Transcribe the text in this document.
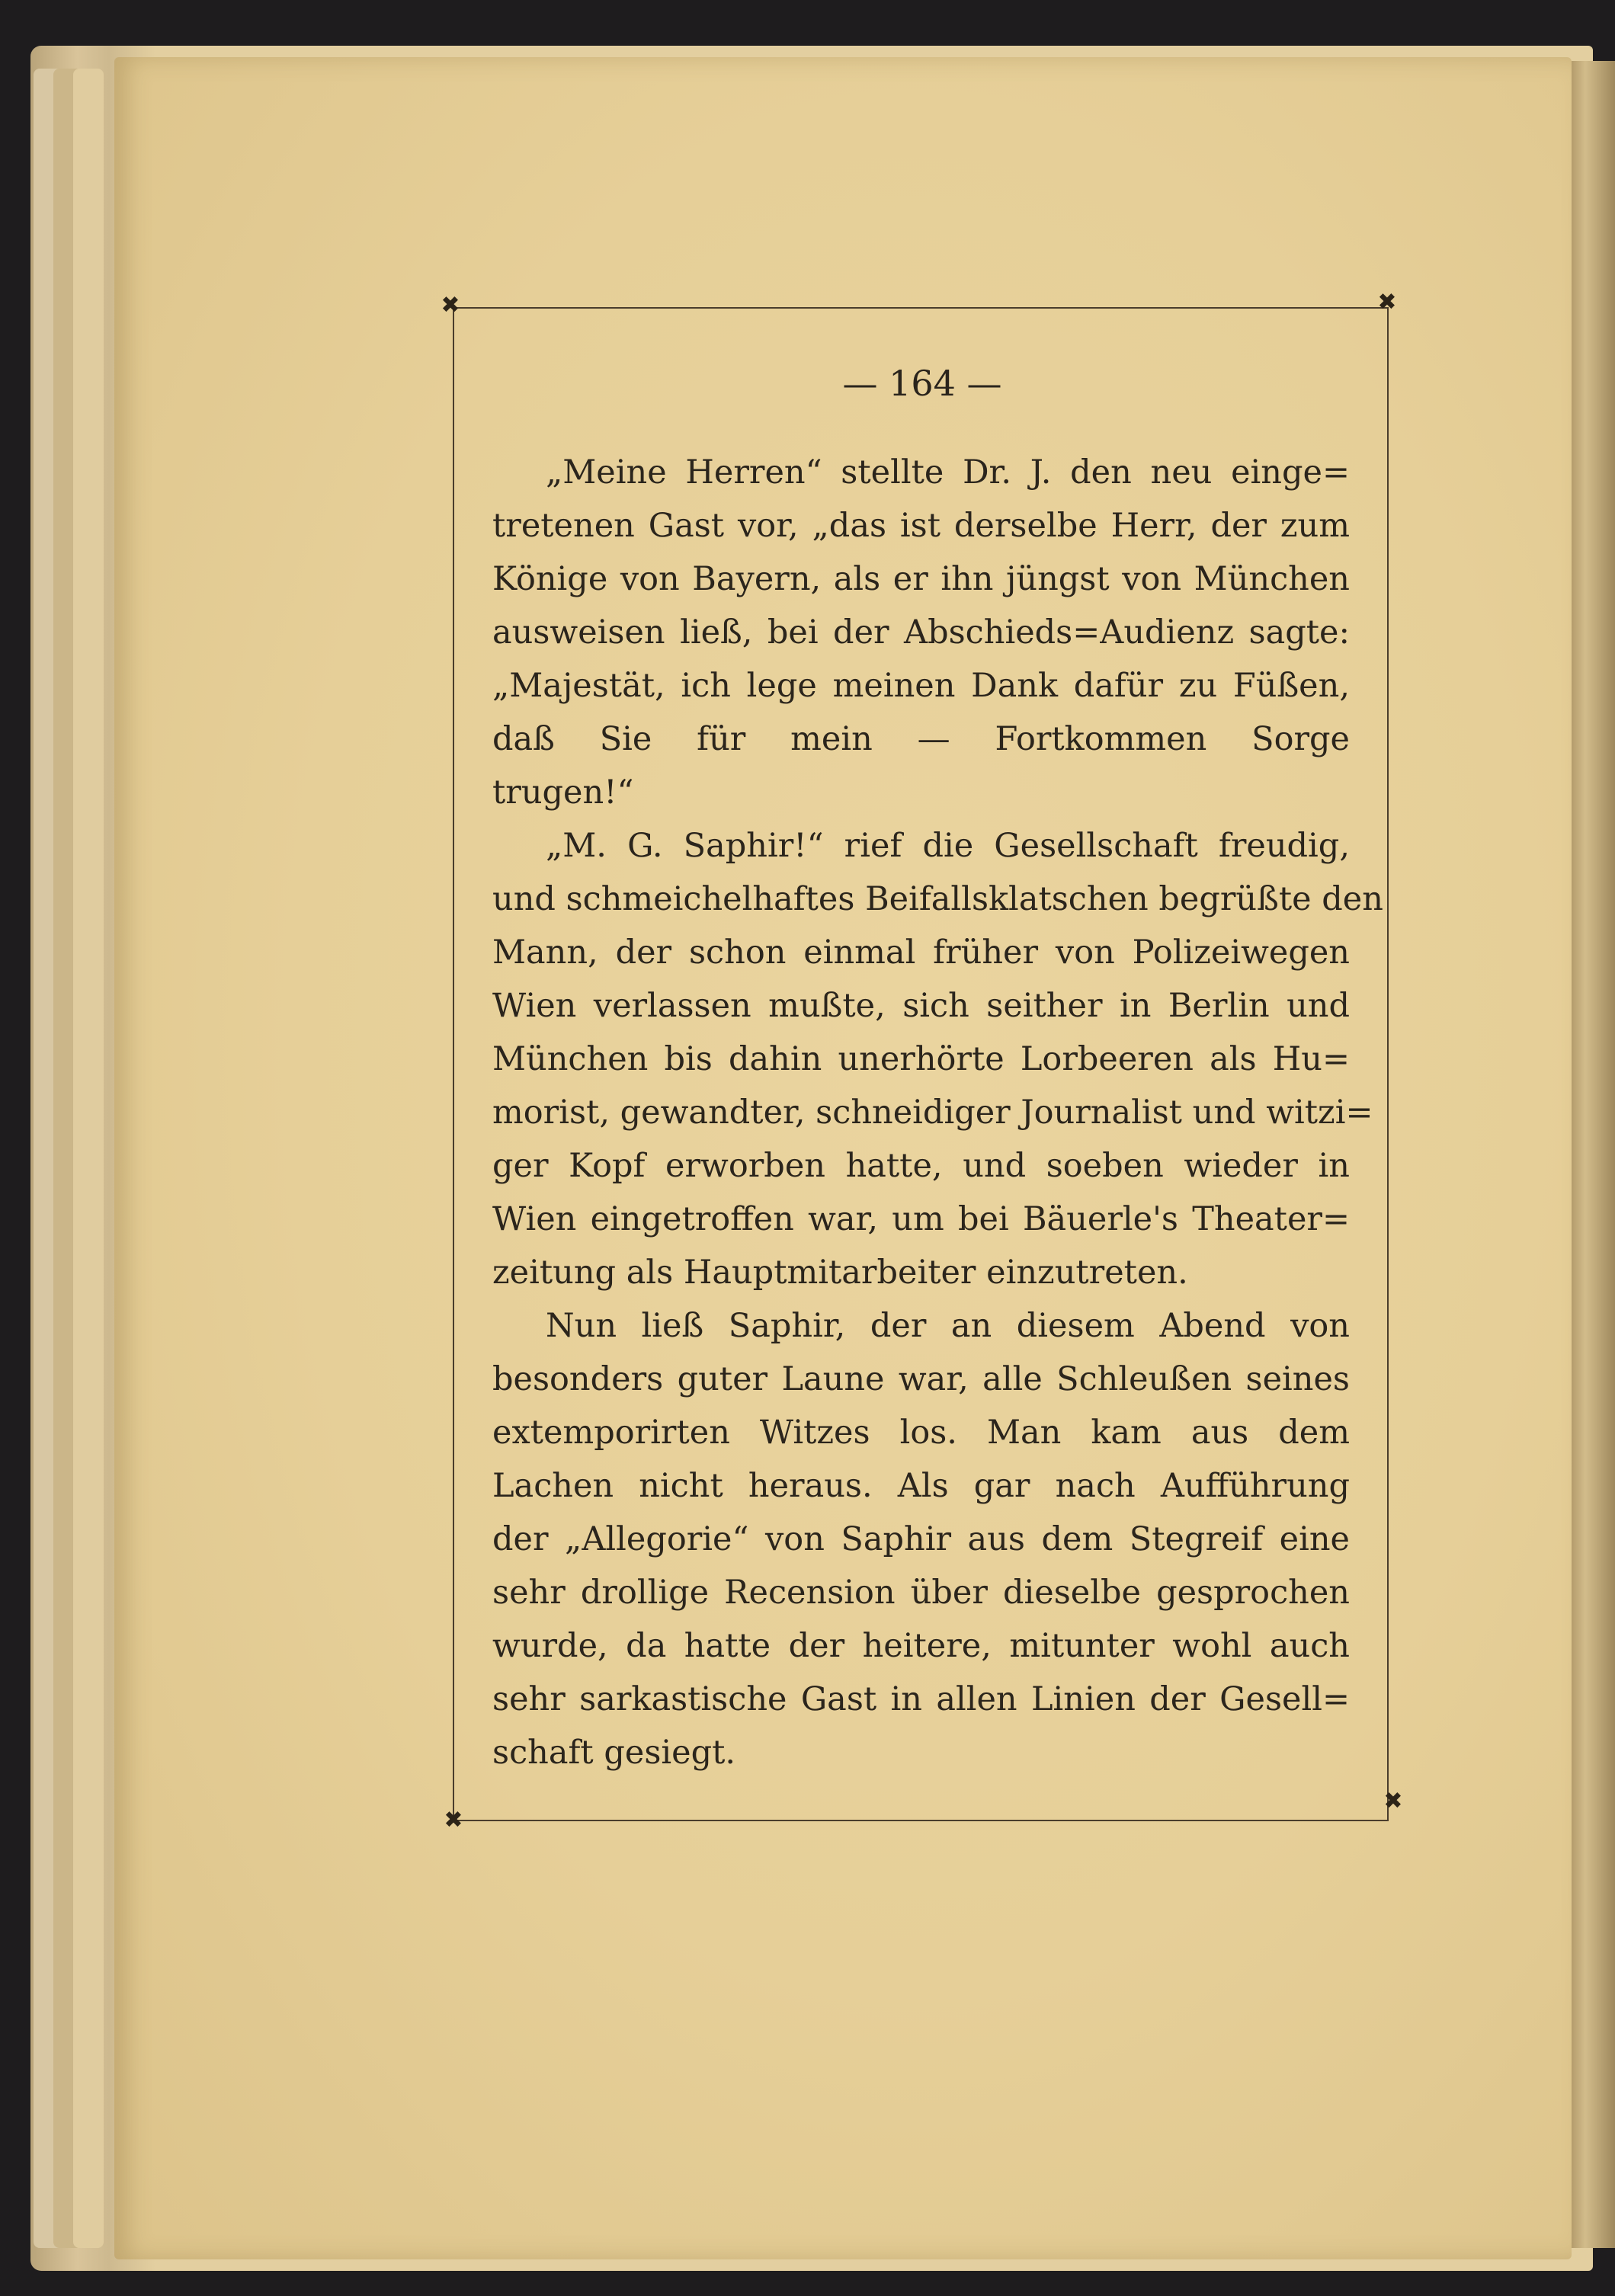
✖	✖
✖
✖
— 164 —
„Meine Herren“ stellte Dr. J. den neu einge=
tretenen Gast vor, „das ist derselbe Herr, der zum
Könige von Bayern, als er ihn jüngst von München
ausweisen ließ, bei der Abschieds=Audienz sagte:
„Majestät, ich lege meinen Dank dafür zu Füßen,
daß Sie für mein — Fortkommen Sorge
trugen!“
„M. G. Saphir!“ rief die Gesellschaft freudig,
und schmeichelhaftes Beifallsklatschen begrüßte den
Mann, der schon einmal früher von Polizeiwegen
Wien verlassen mußte, sich seither in Berlin und
München bis dahin unerhörte Lorbeeren als Hu=
morist, gewandter, schneidiger Journalist und witzi=
ger Kopf erworben hatte, und soeben wieder in
Wien eingetroffen war, um bei Bäuerle's Theater=
zeitung als Hauptmitarbeiter einzutreten.
Nun ließ Saphir, der an diesem Abend von
besonders guter Laune war, alle Schleußen seines
extemporirten Witzes los. Man kam aus dem
Lachen nicht heraus. Als gar nach Aufführung
der „Allegorie“ von Saphir aus dem Stegreif eine
sehr drollige Recension über dieselbe gesprochen
wurde, da hatte der heitere, mitunter wohl auch
sehr sarkastische Gast in allen Linien der Gesell=
schaft gesiegt.
